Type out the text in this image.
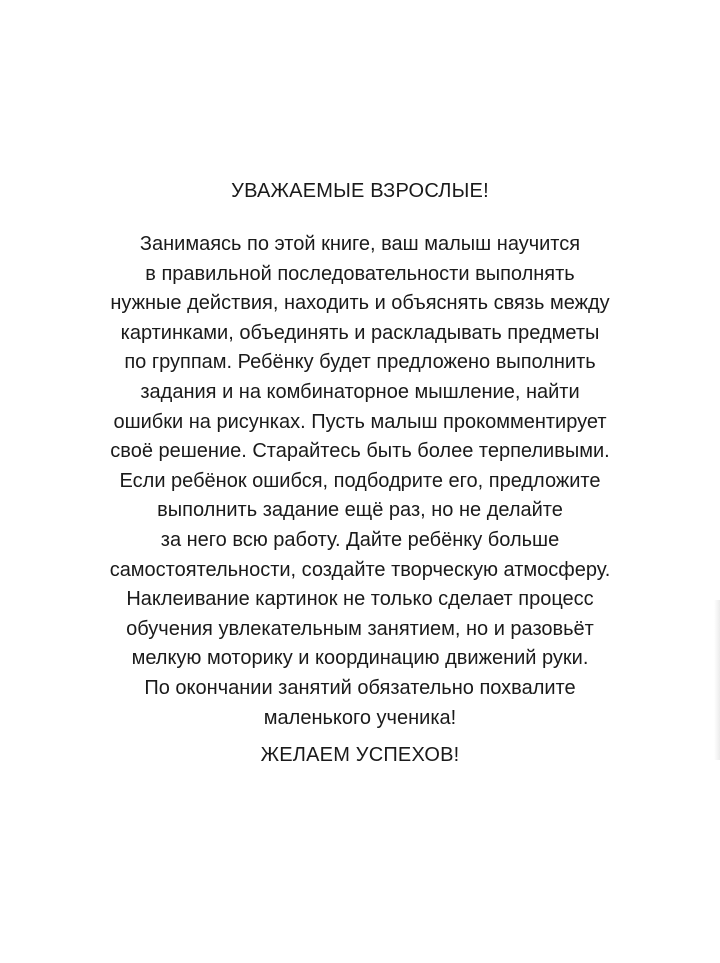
УВАЖАЕМЫЕ ВЗРОСЛЫЕ!

Занимаясь по этой книге, ваш малыш научится
в правильной последовательности выполнять
нужные действия, находить и объяснять связь между
картинками, объединять и раскладывать предметы
по группам. Ребёнку будет предложено выполнить
задания и на комбинаторное мышление, найти
ошибки на рисунках. Пусть малыш прокомментирует
своё решение. Старайтесь быть более терпеливыми.
Если ребёнок ошибся, подбодрите его, предложите
выполнить задание ещё раз, но не делайте
за него всю работу. Дайте ребёнку больше
самостоятельности, создайте творческую атмосферу.
Наклеивание картинок не только сделает процесс
обучения увлекательным занятием, но и разовьёт
мелкую моторику и координацию движений руки.
По окончании занятий обязательно похвалите
маленького ученика!

ЖЕЛАЕМ УСПЕХОВ!
